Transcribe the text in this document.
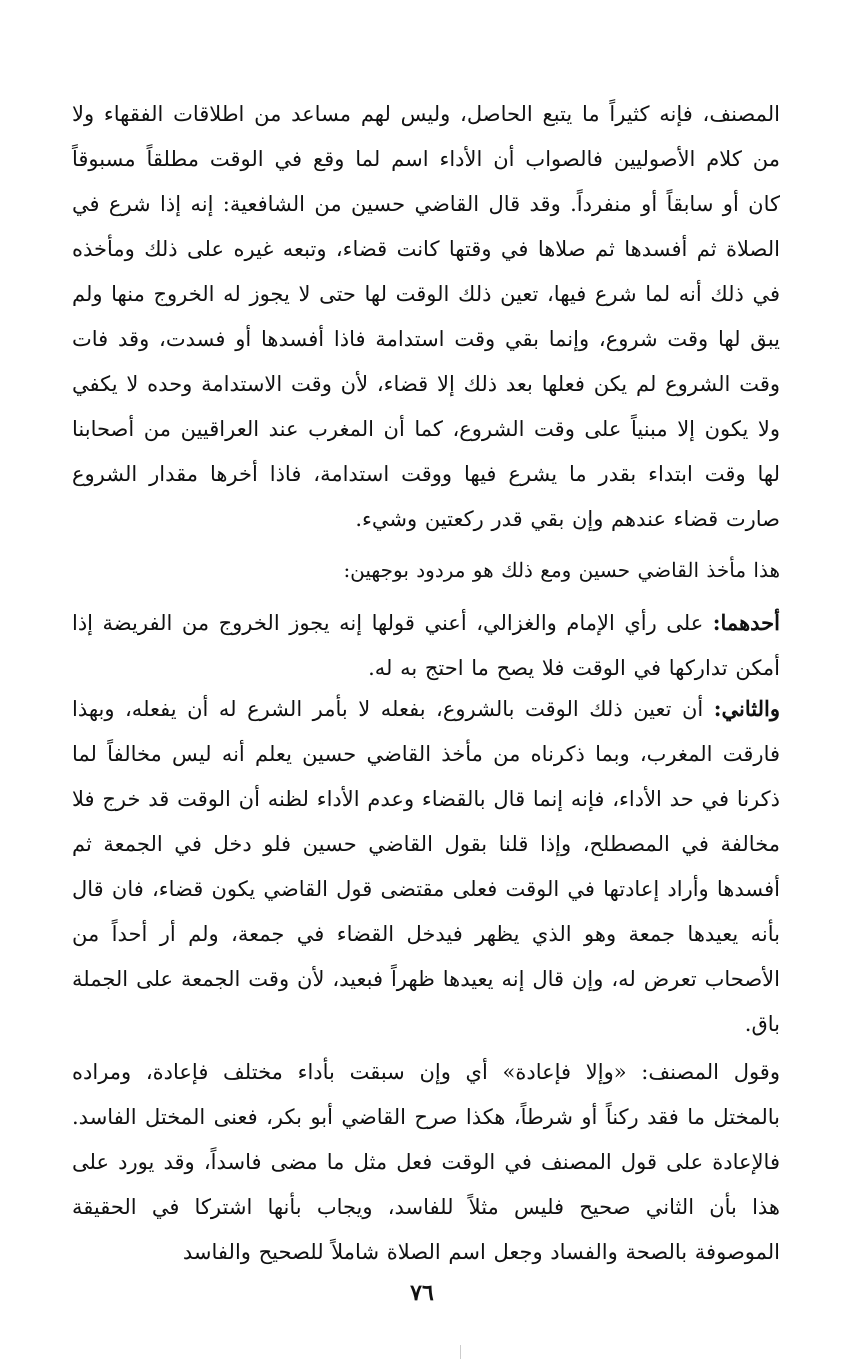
المصنف، فإنه كثيراً ما يتبع الحاصل، وليس لهم مساعد من اطلاقات الفقهاء ولا من كلام الأصوليين فالصواب أن الأداء اسم لما وقع في الوقت مطلقاً مسبوقاً كان أو سابقاً أو منفرداً. وقد قال القاضي حسين من الشافعية: إنه إذا شرع في الصلاة ثم أفسدها ثم صلاها في وقتها كانت قضاء، وتبعه غيره على ذلك ومأخذه في ذلك أنه لما شرع فيها، تعين ذلك الوقت لها حتى لا يجوز له الخروج منها ولم يبق لها وقت شروع، وإنما بقي وقت استدامة فاذا أفسدها أو فسدت، وقد فات وقت الشروع لم يكن فعلها بعد ذلك إلا قضاء، لأن وقت الاستدامة وحده لا يكفي ولا يكون إلا مبنياً على وقت الشروع، كما أن المغرب عند العراقيين من أصحابنا لها وقت ابتداء بقدر ما يشرع فيها ووقت استدامة، فاذا أخرها مقدار الشروع صارت قضاء عندهم وإن بقي قدر ركعتين وشيء.

هذا مأخذ القاضي حسين ومع ذلك هو مردود بوجهين:

أحدهما: على رأي الإمام والغزالي، أعني قولها إنه يجوز الخروج من الفريضة إذا أمكن تداركها في الوقت فلا يصح ما احتج به له.

والثاني: أن تعين ذلك الوقت بالشروع، بفعله لا بأمر الشرع له أن يفعله، وبهذا فارقت المغرب، وبما ذكرناه من مأخذ القاضي حسين يعلم أنه ليس مخالفاً لما ذكرنا في حد الأداء، فإنه إنما قال بالقضاء وعدم الأداء لظنه أن الوقت قد خرج فلا مخالفة في المصطلح، وإذا قلنا بقول القاضي حسين فلو دخل في الجمعة ثم أفسدها وأراد إعادتها في الوقت فعلى مقتضى قول القاضي يكون قضاء، فان قال بأنه يعيدها جمعة وهو الذي يظهر فيدخل القضاء في جمعة، ولم أر أحداً من الأصحاب تعرض له، وإن قال إنه يعيدها ظهراً فبعيد، لأن وقت الجمعة على الجملة باق.

وقول المصنف: «وإلا فإعادة» أي وإن سبقت بأداء مختلف فإعادة، ومراده بالمختل ما فقد ركناً أو شرطاً، هكذا صرح القاضي أبو بكر، فعنى المختل الفاسد. فالإعادة على قول المصنف في الوقت فعل مثل ما مضى فاسداً، وقد يورد على هذا بأن الثاني صحيح فليس مثلاً للفاسد، ويجاب بأنها اشتركا في الحقيقة الموصوفة بالصحة والفساد وجعل اسم الصلاة شاملاً للصحيح والفاسد

٧٦
